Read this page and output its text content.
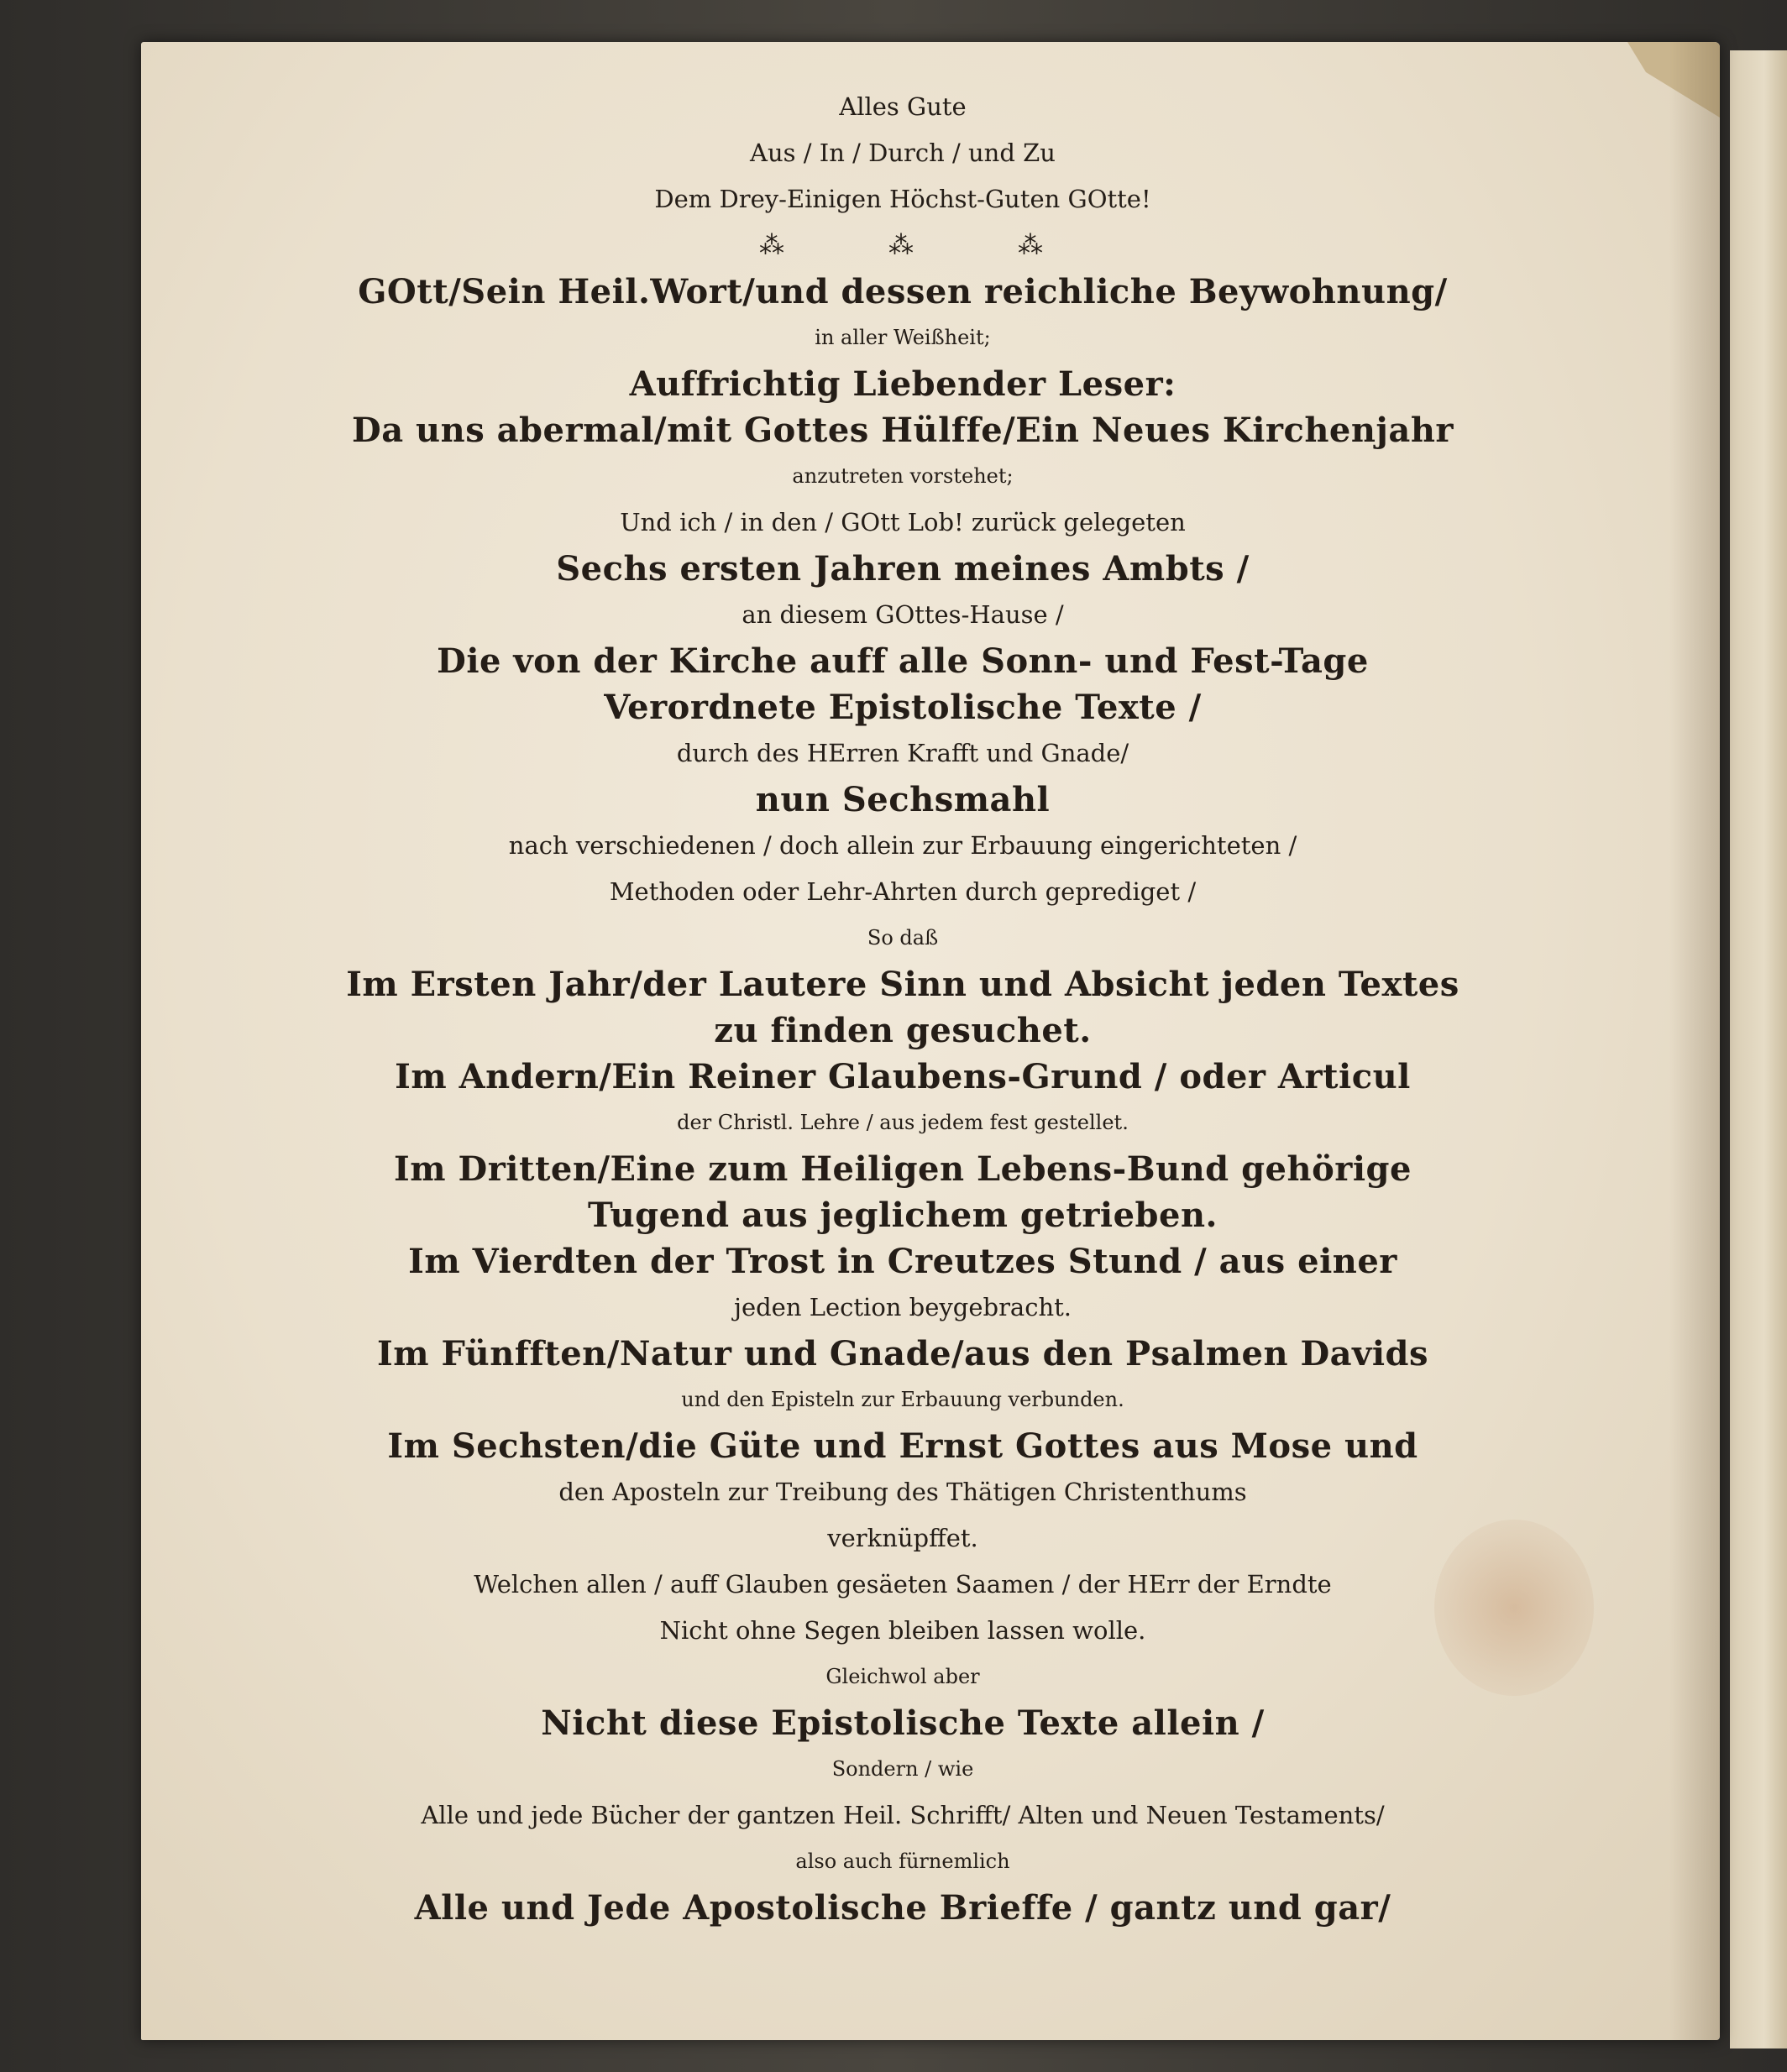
Alles Gute
Aus / In / Durch / und Zu
Dem Drey-Einigen Höchst-Guten GOtte!
⁂	⁂	⁂
GOtt/Sein Heil.Wort/und dessen reichliche Beywohnung/
in aller Weißheit;
Auffrichtig Liebender Leser:
Da uns abermal/mit Gottes Hülffe/Ein Neues Kirchenjahr
anzutreten vorstehet;
Und ich / in den / GOtt Lob! zurück gelegeten
Sechs ersten Jahren meines Ambts /
an diesem GOttes-Hause /
Die von der Kirche auff alle Sonn- und Fest-Tage
Verordnete Epistolische Texte /
durch des HErren Krafft und Gnade/
nun Sechsmahl
nach verschiedenen / doch allein zur Erbauung eingerichteten /
Methoden oder Lehr-Ahrten durch geprediget /
So daß
Im Ersten Jahr/der Lautere Sinn und Absicht jeden Textes
zu finden gesuchet.
Im Andern/Ein Reiner Glaubens-Grund / oder Articul
der Christl. Lehre / aus jedem fest gestellet.
Im Dritten/Eine zum Heiligen Lebens-Bund gehörige
Tugend aus jeglichem getrieben.
Im Vierdten der Trost in Creutzes Stund / aus einer
jeden Lection beygebracht.
Im Fünfften/Natur und Gnade/aus den Psalmen Davids
und den Episteln zur Erbauung verbunden.
Im Sechsten/die Güte und Ernst Gottes aus Mose und
den Aposteln zur Treibung des Thätigen Christenthums
verknüpffet.
Welchen allen / auff Glauben gesäeten Saamen / der HErr der Erndte
Nicht ohne Segen bleiben lassen wolle.
Gleichwol aber
Nicht diese Epistolische Texte allein /
Sondern / wie
Alle und jede Bücher der gantzen Heil. Schrifft/ Alten und Neuen Testaments/
also auch fürnemlich
Alle und Jede Apostolische Brieffe / gantz und gar/
